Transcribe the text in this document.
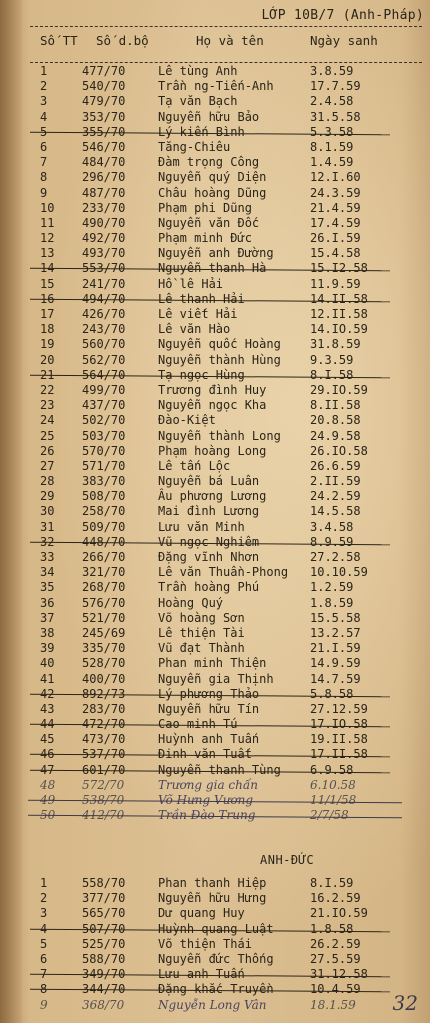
LỚP 10B/7 (Anh-Pháp)
Số TT Số d.bộ	Họ và tên	Ngày sanh
1	477/70	Lê tùng Anh	3.8.59
2	540/70	Trần ng-Tiến-Anh	17.7.59
3	479/70	Tạ văn Bạch	2.4.58
4	353/70	Nguyễn hữu Bảo	31.5.58
5	355/70	Lý kiến Bình	5.3.58
6	546/70	Tăng-Chiêu	8.1.59
7	484/70	Đàm trọng Công	1.4.59
8	296/70	Nguyễn quý Diện	12.I.60
9	487/70	Châu hoàng Dũng	24.3.59
10	233/70	Phạm phi Dũng	21.4.59
11	490/70	Nguyễn văn Đốc	17.4.59
12	492/70	Phạm minh Đức	26.I.59
13	493/70	Nguyễn anh Đường	15.4.58
14	553/70	Nguyễn thanh Hà	15.I2.58
15	241/70	Hồ lê Hải	11.9.59
16	494/70	Lê thanh Hải	14.II.58
17	426/70	Lê viết Hải	12.II.58
18	243/70	Lê văn Hào	14.IO.59
19	560/70	Nguyễn quốc Hoàng 31.8.59
20	562/70	Nguyễn thành Hùng 9.3.59
21	564/70	Tạ ngọc Hùng	8.I.58
22	499/70	Trương đình Huy	29.IO.59
23	437/70	Nguyễn ngọc Kha	8.II.58
24	502/70	Đào-Kiệt	20.8.58
25	503/70	Nguyễn thành Long 24.9.58
26	570/70	Phạm hoàng Long	26.IO.58
27	571/70	Lê tấn Lộc	26.6.59
28	383/70	Nguyễn bá Luân	2.II.59
29	508/70	Âu phương Lương	24.2.59
30	258/70	Mai đình Lương	14.5.58
31	509/70	Lưu văn Minh	3.4.58
32	448/70	Vũ ngọc Nghiêm	8.9.59
33	266/70	Đặng vĩnh Nhơn	27.2.58
34	321/70	Lê văn Thuần-Phong 10.10.59
35	268/70	Trần hoàng Phú	1.2.59
36	576/70	Hoàng Quý	1.8.59
37	521/70	Võ hoàng Sơn	15.5.58
38	245/69	Lê thiện Tài	13.2.57
39	335/70	Vũ đạt Thành	21.I.59
40	528/70	Phan minh Thiện	14.9.59
41	400/70	Nguyễn gia Thịnh	14.7.59
42	892/73	Lý phương Thảo	5.8.58
43	283/70	Nguyễn hữu Tín	27.12.59
44	472/70	Cao minh Tú	17.IO.58
45	473/70	Huỳnh anh Tuấn	19.II.58
46	537/70	Đinh văn Tuất	17.II.58
47	601/70	Nguyễn thanh Tùng 6.9.58
48	572/70	Trương gia chấn	6.10.58
49	538/70	Võ Hưng Vương	11/1/58
50	412/70	Trần Đào Trung	2/7/58
ANH-ĐỨC
1	558/70	Phan thanh Hiệp	8.I.59
2	377/70	Nguyễn hữu Hưng	16.2.59
3	565/70	Dư quang Huy	21.IO.59
4	507/70	Huỳnh quang Luật	1.8.58
5	525/70	Võ thiện Thái	26.2.59
6	588/70	Nguyễn đức Thống	27.5.59
7	349/70	Lưu anh Tuấn	31.12.58
8	344/70	Đặng khắc Truyền	10.4.59
9	368/70	Nguyễn Long Vân	18.1.59 32
